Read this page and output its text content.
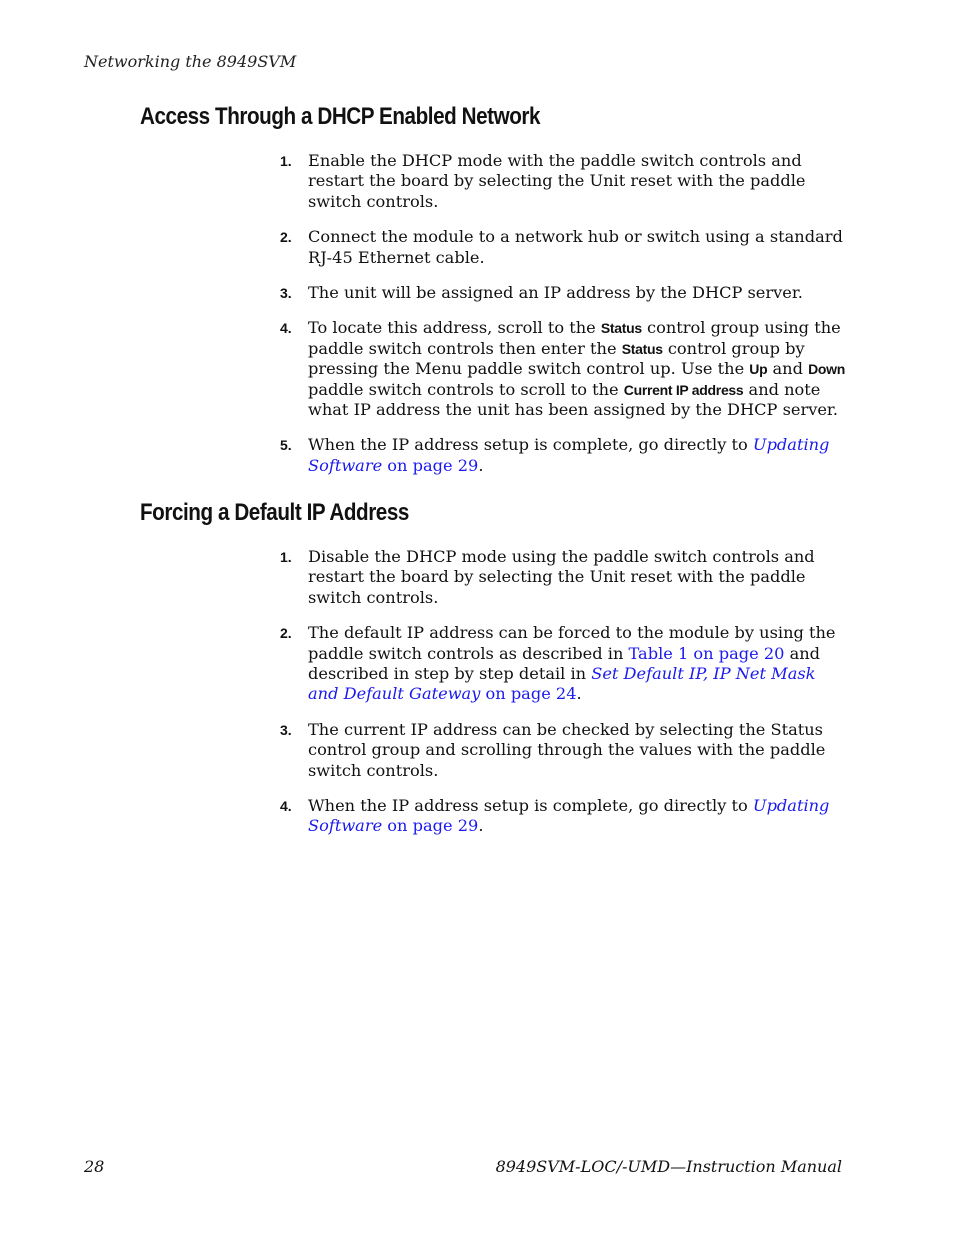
Networking the 8949SVM
Access Through a DHCP Enabled Network
1. Enable the DHCP mode with the paddle switch controls and restart the board by selecting the Unit reset with the paddle switch controls.
2. Connect the module to a network hub or switch using a standard RJ-45 Ethernet cable.
3. The unit will be assigned an IP address by the DHCP server.
4. To locate this address, scroll to the Status control group using the paddle switch controls then enter the Status control group by pressing the Menu paddle switch control up. Use the Up and Down paddle switch controls to scroll to the Current IP address and note what IP address the unit has been assigned by the DHCP server.
5. When the IP address setup is complete, go directly to Updating Software on page 29.
Forcing a Default IP Address
1. Disable the DHCP mode using the paddle switch controls and restart the board by selecting the Unit reset with the paddle switch controls.
2. The default IP address can be forced to the module by using the paddle switch controls as described in Table 1 on page 20 and described in step by step detail in Set Default IP, IP Net Mask and Default Gateway on page 24.
3. The current IP address can be checked by selecting the Status control group and scrolling through the values with the paddle switch controls.
4. When the IP address setup is complete, go directly to Updating Software on page 29.
28	8949SVM-LOC/-UMD—Instruction Manual
